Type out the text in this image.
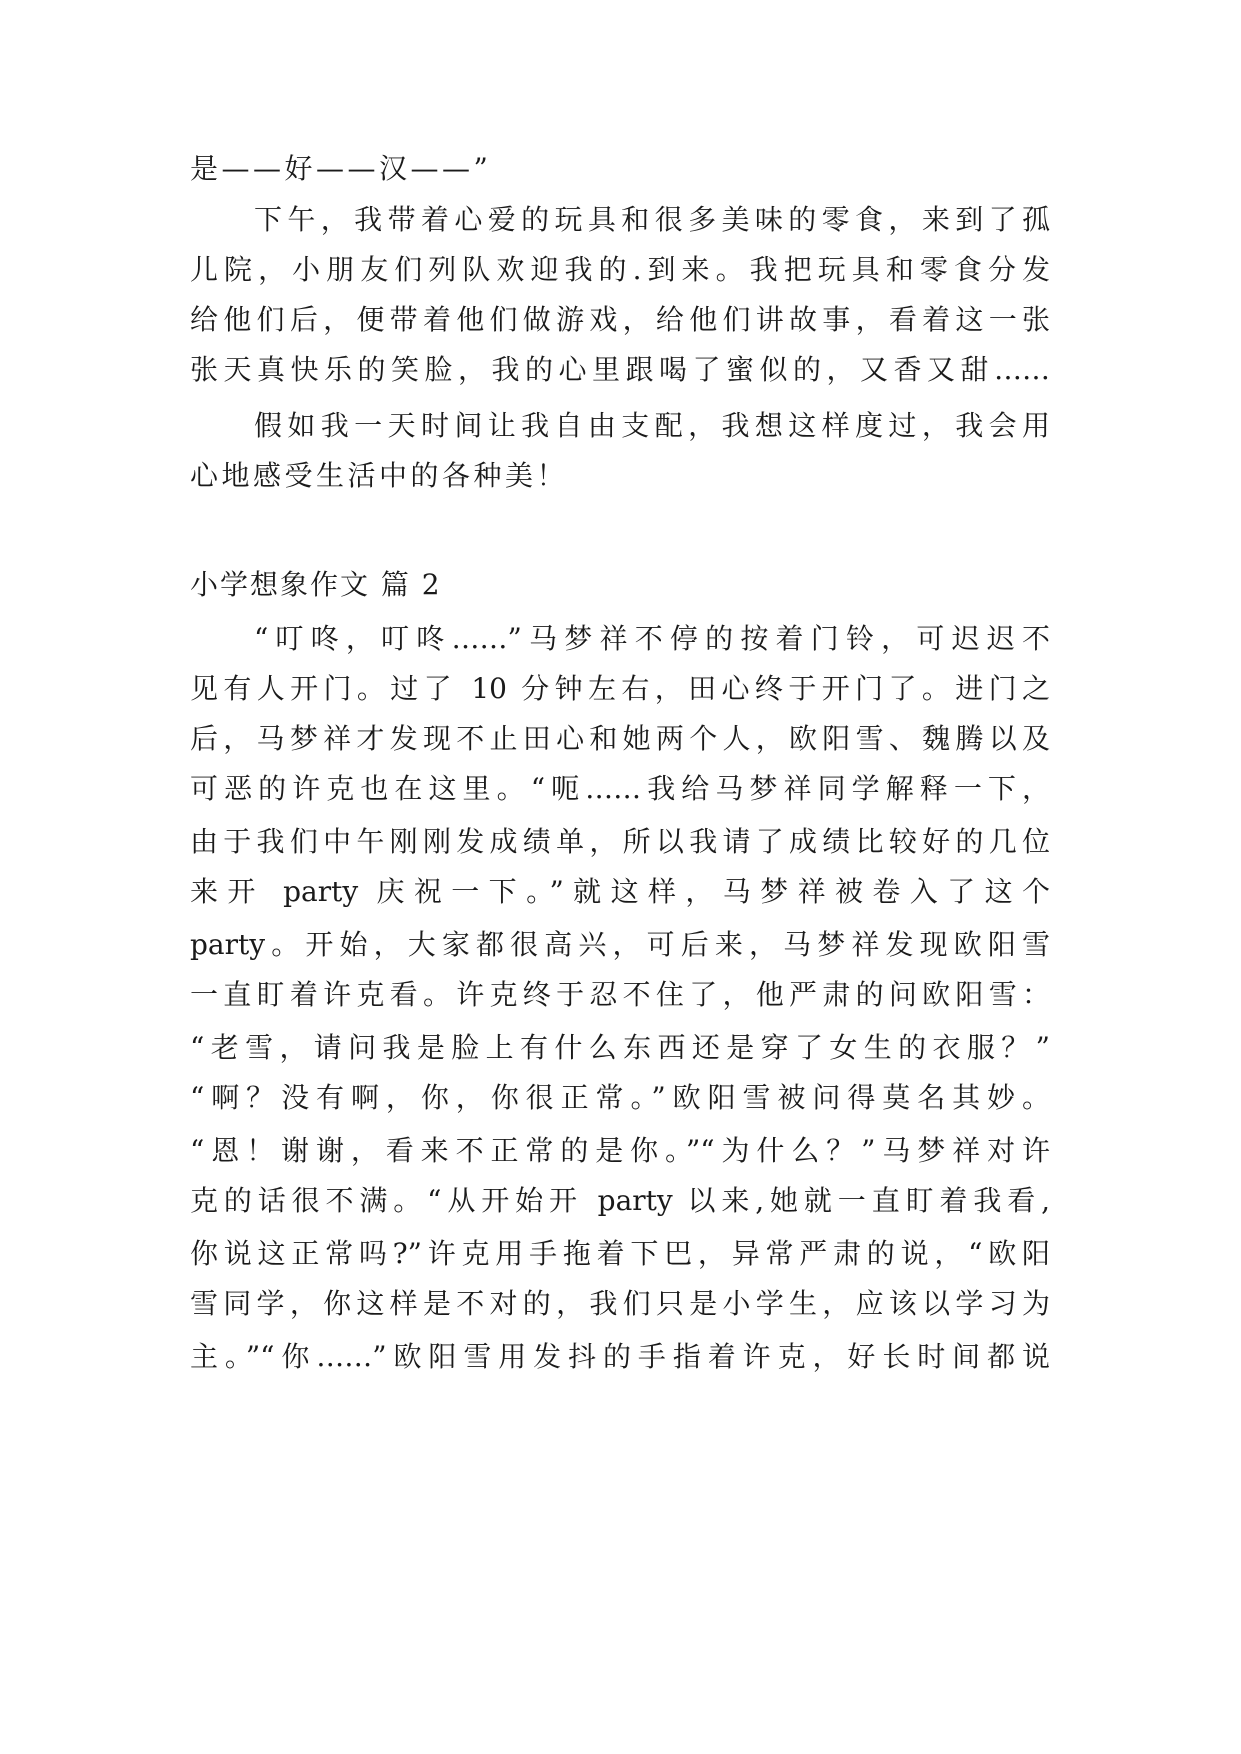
是——好——汉——”
下午，我带着心爱的玩具和很多美味的零食，来到了孤
儿院，小朋友们列队欢迎我的.到来。我把玩具和零食分发
给他们后，便带着他们做游戏，给他们讲故事，看着这一张
张天真快乐的笑脸，我的心里跟喝了蜜似的，又香又甜……
假如我一天时间让我自由支配，我想这样度过，我会用
心地感受生活中的各种美！
小学想象作文 篇 2
“叮咚，叮咚……”马梦祥不停的按着门铃，可迟迟不
见有人开门。过了 10 分钟左右，田心终于开门了。进门之
后，马梦祥才发现不止田心和她两个人，欧阳雪、魏腾以及
可恶的许克也在这里。“呃……我给马梦祥同学解释一下，
由于我们中午刚刚发成绩单，所以我请了成绩比较好的几位
来开 party 庆祝一下。”就这样，马梦祥被卷入了这个
party。开始，大家都很高兴，可后来，马梦祥发现欧阳雪
一直盯着许克看。许克终于忍不住了，他严肃的问欧阳雪：
“老雪，请问我是脸上有什么东西还是穿了女生的衣服？”
“啊？没有啊，你，你很正常。”欧阳雪被问得莫名其妙。
“恩！谢谢，看来不正常的是你。”“为什么？”马梦祥对许
克的话很不满。“从开始开 party 以来,她就一直盯着我看,
你说这正常吗?”许克用手拖着下巴，异常严肃的说，“欧阳
雪同学，你这样是不对的，我们只是小学生，应该以学习为
主。”“你……”欧阳雪用发抖的手指着许克，好长时间都说
